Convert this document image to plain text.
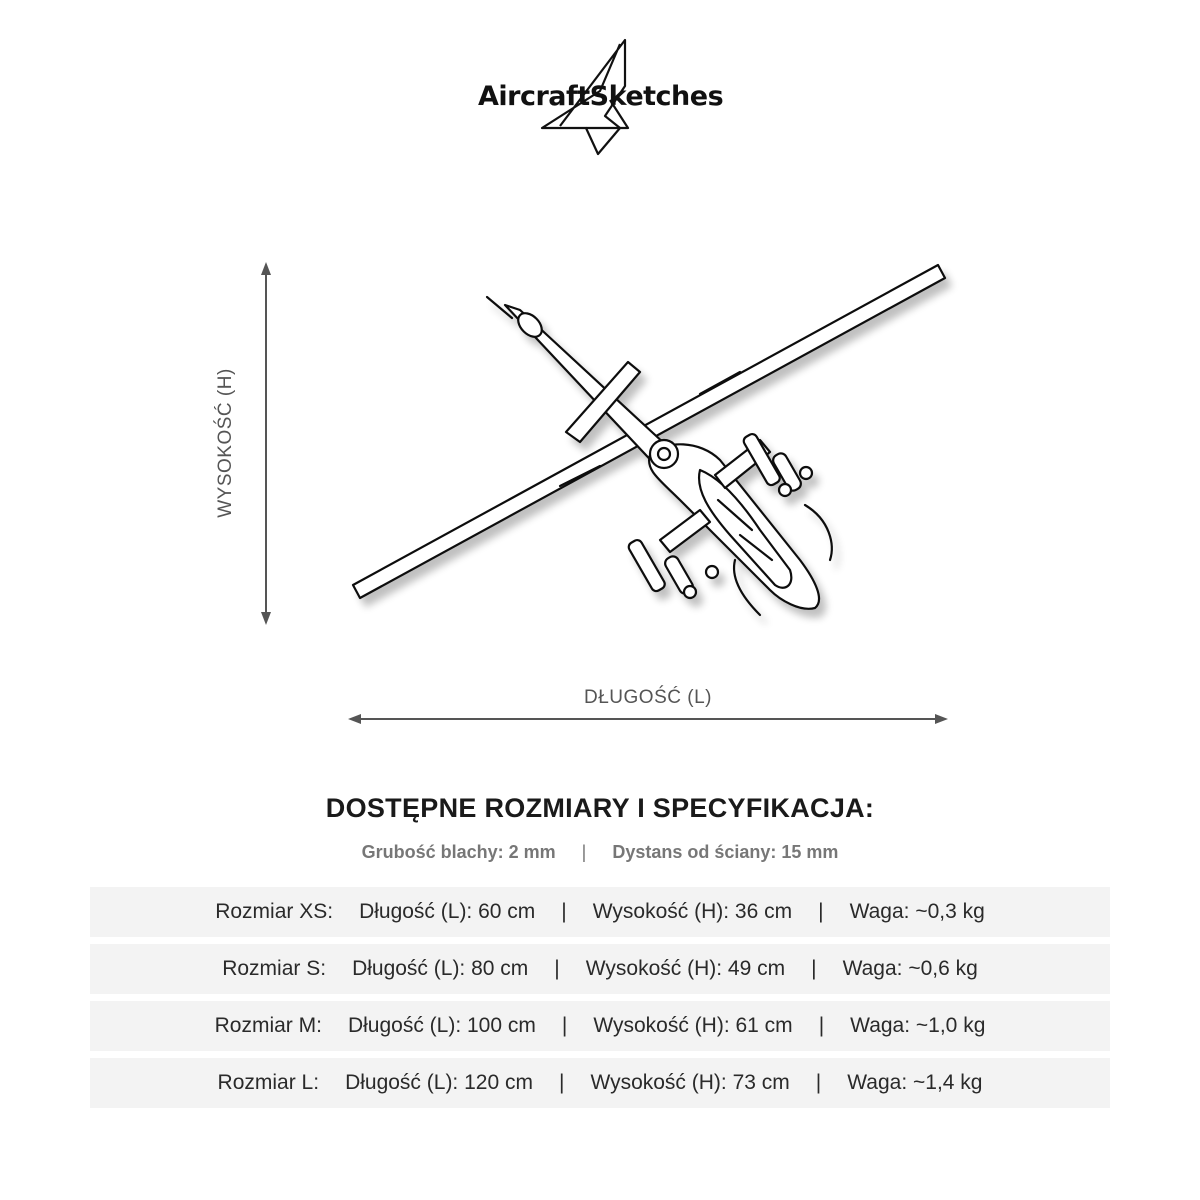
AircraftSketches
WYSOKOŚĆ (H)
DŁUGOŚĆ (L)
DOSTĘPNE ROZMIARY I SPECYFIKACJA:
Grubość blachy: 2 mm | Dystans od ściany: 15 mm
Rozmiar XS: Długość (L): 60 cm | Wysokość (H): 36 cm | Waga: ~0,3 kg
Rozmiar S: Długość (L): 80 cm | Wysokość (H): 49 cm | Waga: ~0,6 kg
Rozmiar M: Długość (L): 100 cm | Wysokość (H): 61 cm | Waga: ~1,0 kg
Rozmiar L: Długość (L): 120 cm | Wysokość (H): 73 cm | Waga: ~1,4 kg
